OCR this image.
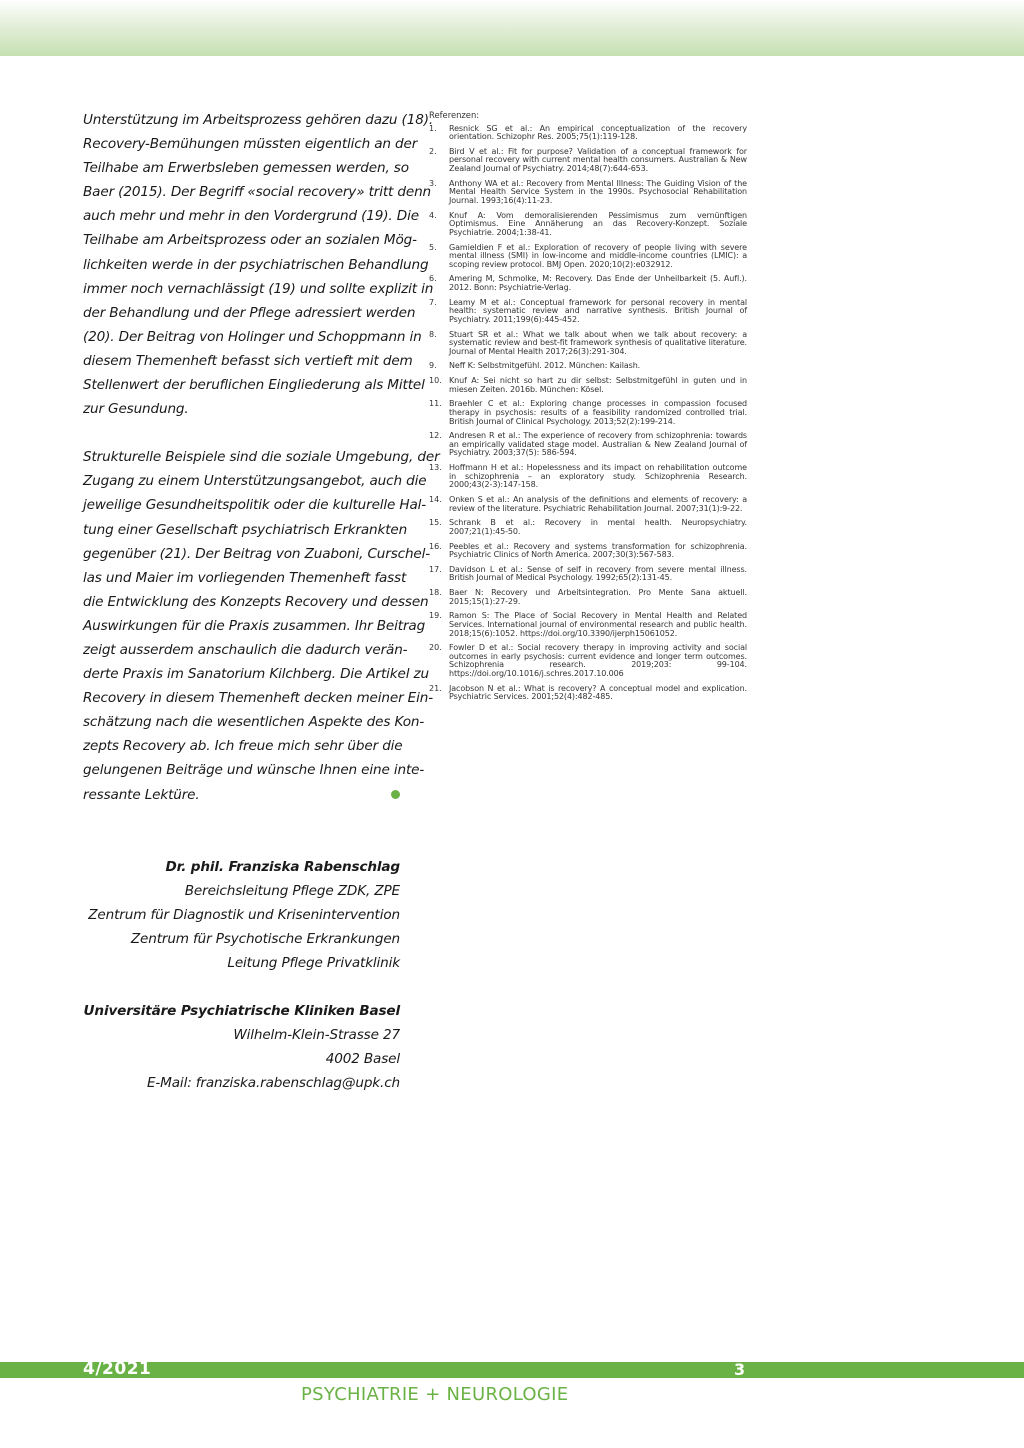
Unterstützung im Arbeitsprozess gehören dazu (18).
Recovery-Bemühungen müssten eigentlich an der
Teilhabe am Erwerbsleben gemessen werden, so
Baer (2015). Der Begriff «social recovery» tritt denn
auch mehr und mehr in den Vordergrund (19). Die
Teilhabe am Arbeitsprozess oder an sozialen Mög-
lichkeiten werde in der psychiatrischen Behandlung
immer noch vernachlässigt (19) und sollte explizit in
der Behandlung und der Pflege adressiert werden
(20). Der Beitrag von Holinger und Schoppmann in
diesem Themenheft befasst sich vertieft mit dem
Stellenwert der beruflichen Eingliederung als Mittel
zur Gesundung.

Strukturelle Beispiele sind die soziale Umgebung, der
Zugang zu einem Unterstützungsangebot, auch die
jeweilige Gesundheitspolitik oder die kulturelle Hal-
tung einer Gesellschaft psychiatrisch Erkrankten
gegenüber (21). Der Beitrag von Zuaboni, Curschel-
las und Maier im vorliegenden Themenheft fasst
die Entwicklung des Konzepts Recovery und dessen
Auswirkungen für die Praxis zusammen. Ihr Beitrag
zeigt ausserdem anschaulich die dadurch verän-
derte Praxis im Sanatorium Kilchberg. Die Artikel zu
Recovery in diesem Themenheft decken meiner Ein-
schätzung nach die wesentlichen Aspekte des Kon-
zepts Recovery ab. Ich freue mich sehr über die
gelungenen Beiträge und wünsche Ihnen eine inte-
ressante Lektüre.

Dr. phil. Franziska Rabenschlag
Bereichsleitung Pflege ZDK, ZPE
Zentrum für Diagnostik und Krisenintervention
Zentrum für Psychotische Erkrankungen
Leitung Pflege Privatklinik
Universitäre Psychiatrische Kliniken Basel
Wilhelm-Klein-Strasse 27
4002 Basel
E-Mail: franziska.rabenschlag@upk.ch

Referenzen:

1.	Resnick SG et al.: An empirical conceptualization of the recovery orientation. Schizophr Res. 2005;75(1):119-128.
2.	Bird V et al.: Fit for purpose? Validation of a conceptual framework for personal recovery with current mental health consumers. Australian & New Zealand Journal of Psychiatry. 2014;48(7):644-653.
3.	Anthony WA et al.: Recovery from Mental Illness: The Guiding Vision of the Mental Health Service System in the 1990s. Psychosocial Rehabilitation Journal. 1993;16(4):11-23.
4.	Knuf A: Vom demoralisierenden Pessimismus zum vernünftigen Optimismus. Eine Annäherung an das Recovery-Konzept. Soziale Psychiatrie. 2004;1:38-41.
5.	Gamieldien F et al.: Exploration of recovery of people living with severe mental illness (SMI) in low-income and middle-income countries (LMIC): a scoping review protocol. BMJ Open. 2020;10(2):e032912.
6.	Amering M, Schmolke, M: Recovery. Das Ende der Unheilbarkeit (5. Aufl.). 2012. Bonn: Psychiatrie-Verlag.
7.	Leamy M et al.: Conceptual framework for personal recovery in mental health: systematic review and narrative synthesis. British Journal of Psychiatry. 2011;199(6):445-452.
8.	Stuart SR et al.: What we talk about when we talk about recovery: a systematic review and best-fit framework synthesis of qualitative literature. Journal of Mental Health 2017;26(3):291-304.
9.	Neff K: Selbstmitgefühl. 2012. München: Kailash.
10. Knuf A: Sei nicht so hart zu dir selbst: Selbstmitgefühl in guten und in miesen Zeiten. 2016b. München: Kösel.
11. Braehler C et al.: Exploring change processes in compassion focused therapy in psychosis: results of a feasibility randomized controlled trial. British Journal of Clinical Psychology. 2013;52(2):199-214.
12. Andresen R et al.: The experience of recovery from schizophrenia: towards an empirically validated stage model. Australian & New Zealand Journal of Psychiatry. 2003;37(5): 586-594.
13. Hoffmann H et al.: Hopelessness and its impact on rehabilitation outcome in schizophrenia – an exploratory study. Schizophrenia Research. 2000;43(2-3):147-158.
14. Onken S et al.: An analysis of the definitions and elements of recovery: a review of the literature. Psychiatric Rehabilitation Journal. 2007;31(1):9-22.
15. Schrank B et al.: Recovery in mental health. Neuropsychiatry. 2007;21(1):45-50.
16. Peebles et al.: Recovery and systems transformation for schizophrenia. Psychiatric Clinics of North America. 2007;30(3):567-583.
17. Davidson L et al.: Sense of self in recovery from severe mental illness. British Journal of Medical Psychology. 1992;65(2):131-45.
18. Baer N: Recovery und Arbeitsintegration. Pro Mente Sana aktuell. 2015;15(1):27-29.
19. Ramon S: The Place of Social Recovery in Mental Health and Related Services. International journal of environmental research and public health. 2018;15(6):1052. https://doi.org/10.3390/ijerph15061052.
20. Fowler D et al.: Social recovery therapy in improving activity and social outcomes in early psychosis: current evidence and longer term outcomes. Schizophrenia research. 2019;203: 99-104. https://doi.org/10.1016/j.schres.2017.10.006
21. Jacobson N et al.: What is recovery? A conceptual model and explication. Psychiatric Services. 2001;52(4):482-485.
4/2021	3
PSYCHIATRIE + NEUROLOGIE
